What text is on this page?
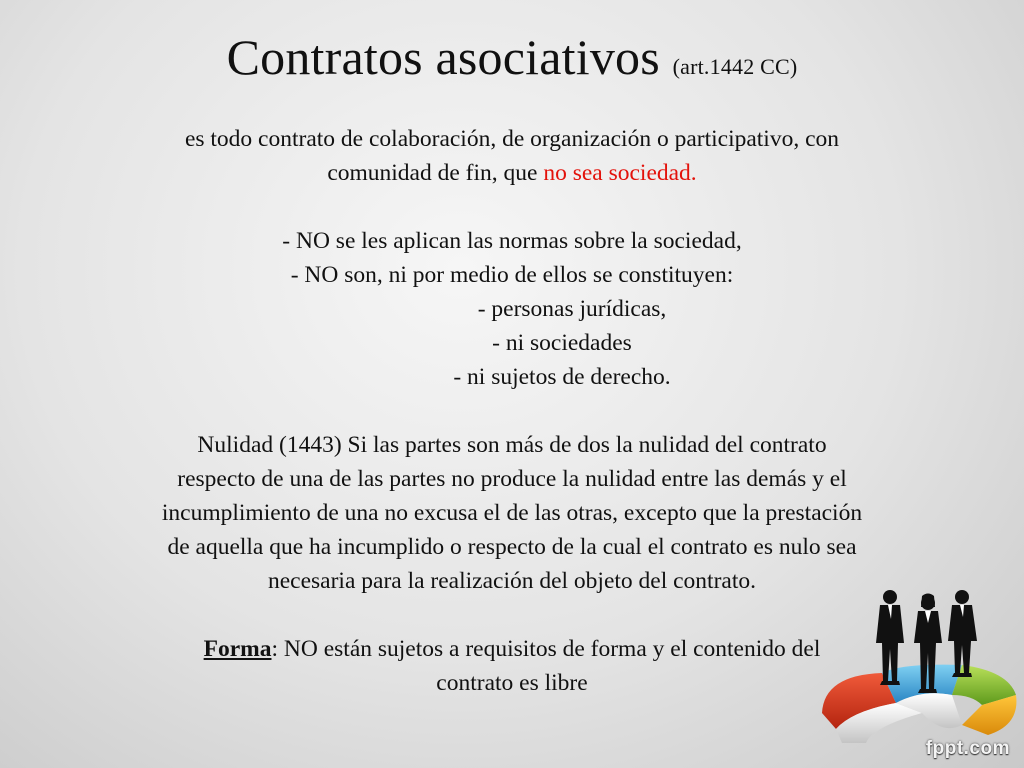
Contratos asociativos (art.1442 CC)

es todo contrato de colaboración, de organización o participativo, con

comunidad de fin, que no sea sociedad.

- NO se les aplican las normas sobre la sociedad,

- NO son, ni por medio de ellos se constituyen:

- personas jurídicas,

- ni sociedades

- ni sujetos de derecho.

Nulidad (1443) Si las partes son más de dos la nulidad del contrato

respecto de una de las partes no produce la nulidad entre las demás y el

incumplimiento de una no excusa el de las otras, excepto que la prestación

de aquella que ha incumplido o respecto de la cual el contrato es nulo sea

necesaria para la realización del objeto del contrato.

Forma: NO están sujetos a requisitos de forma y el contenido del

contrato es libre

fppt.com
